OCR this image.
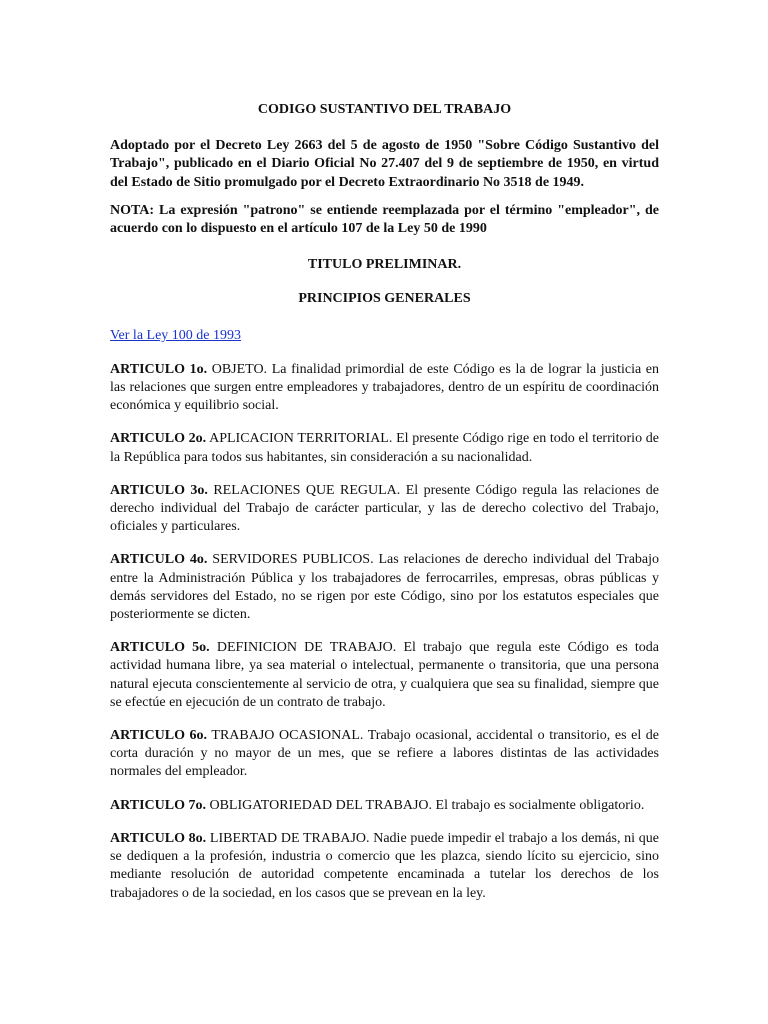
CODIGO SUSTANTIVO DEL TRABAJO

Adoptado por el Decreto Ley 2663 del 5 de agosto de 1950 "Sobre Código Sustantivo del Trabajo", publicado en el Diario Oficial No 27.407 del 9 de septiembre de 1950, en virtud del Estado de Sitio promulgado por el Decreto Extraordinario No 3518 de 1949.

NOTA: La expresión "patrono" se entiende reemplazada por el término "empleador", de acuerdo con lo dispuesto en el artículo 107 de la Ley 50 de 1990

TITULO PRELIMINAR.

PRINCIPIOS GENERALES

Ver la Ley 100 de 1993

ARTICULO 1o. OBJETO. La finalidad primordial de este Código es la de lograr la justicia en las relaciones que surgen entre empleadores y trabajadores, dentro de un espíritu de coordinación económica y equilibrio social.

ARTICULO 2o. APLICACION TERRITORIAL. El presente Código rige en todo el territorio de la República para todos sus habitantes, sin consideración a su nacionalidad.

ARTICULO 3o. RELACIONES QUE REGULA. El presente Código regula las relaciones de derecho individual del Trabajo de carácter particular, y las de derecho colectivo del Trabajo, oficiales y particulares.

ARTICULO 4o. SERVIDORES PUBLICOS. Las relaciones de derecho individual del Trabajo entre la Administración Pública y los trabajadores de ferrocarriles, empresas, obras públicas y demás servidores del Estado, no se rigen por este Código, sino por los estatutos especiales que posteriormente se dicten.

ARTICULO 5o. DEFINICION DE TRABAJO. El trabajo que regula este Código es toda actividad humana libre, ya sea material o intelectual, permanente o transitoria, que una persona natural ejecuta conscientemente al servicio de otra, y cualquiera que sea su finalidad, siempre que se efectúe en ejecución de un contrato de trabajo.

ARTICULO 6o. TRABAJO OCASIONAL. Trabajo ocasional, accidental o transitorio, es el de corta duración y no mayor de un mes, que se refiere a labores distintas de las actividades normales del empleador.

ARTICULO 7o. OBLIGATORIEDAD DEL TRABAJO. El trabajo es socialmente obligatorio.

ARTICULO 8o. LIBERTAD DE TRABAJO. Nadie puede impedir el trabajo a los demás, ni que se dediquen a la profesión, industria o comercio que les plazca, siendo lícito su ejercicio, sino mediante resolución de autoridad competente encaminada a tutelar los derechos de los trabajadores o de la sociedad, en los casos que se prevean en la ley.
